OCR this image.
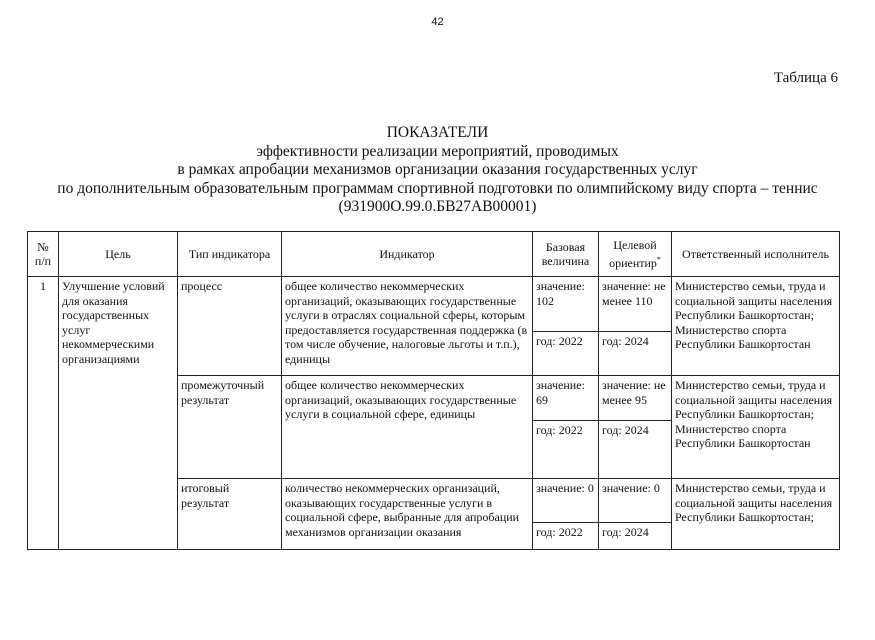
42
Таблица 6
ПОКАЗАТЕЛИ
эффективности реализации мероприятий, проводимых
в рамках апробации механизмов организации оказания государственных услуг
по дополнительным образовательным программам спортивной подготовки по олимпийскому виду спорта – теннис
(931900О.99.0.БВ27АВ00001)
№ п/п	Цель	Тип индикатора	Индикатор	Базовая величина	Целевой ориентир*	Ответственный исполнитель
1	Улучшение условий для оказания государственных услуг некоммерческими организациями	процесс	общее количество некоммерческих организаций, оказывающих государственные услуги в отраслях социальной сферы, которым предоставляется государственная поддержка (в том числе обучение, налоговые льготы и т.п.), единицы	значение: 102	значение: не менее 110	Министерство семьи, труда и социальной защиты населения Республики Башкортостан; Министерство спорта Республики Башкортостан
				год: 2022	год: 2024	
		промежуточный результат	общее количество некоммерческих организаций, оказывающих государственные услуги в социальной сфере, единицы	значение: 69	значение: не менее 95	Министерство семьи, труда и социальной защиты населения Республики Башкортостан; Министерство спорта Республики Башкортостан
				год: 2022	год: 2024	
		итоговый результат	количество некоммерческих организаций, оказывающих государственные услуги в социальной сфере, выбранные для апробации механизмов организации оказания	значение: 0	значение: 0	Министерство семьи, труда и социальной защиты населения Республики Башкортостан;
				год: 2022	год: 2024	
